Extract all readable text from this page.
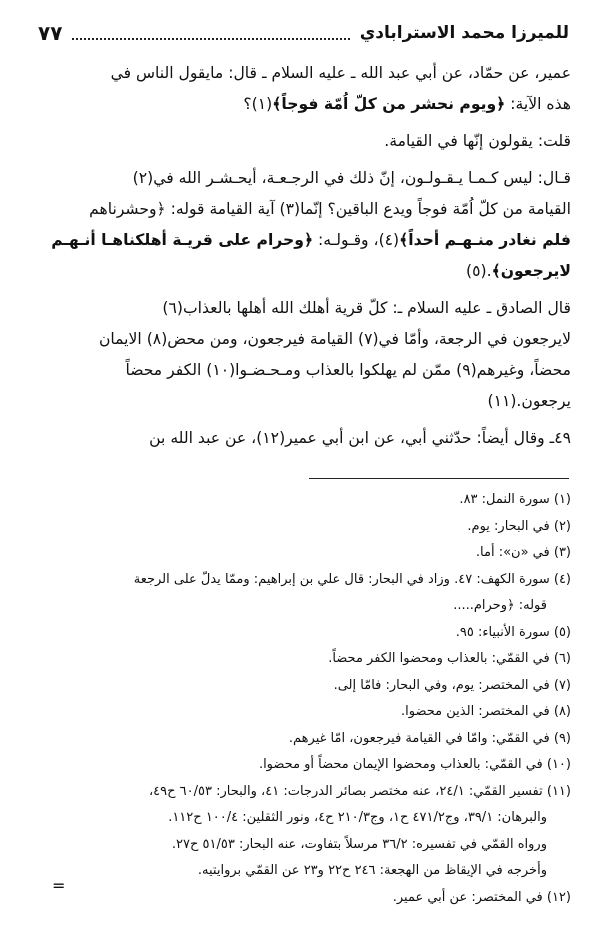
للميرزا محمد الاسترابادي
٧٧

عمير، عن حمّاد، عن أبي عبد الله ـ عليه السلام ـ قال: مايقول الناس في

هذه الآية: ﴿ويوم نحشر من كلّ اُمّة فوجاً﴾(١)؟

قلت: يقولون إنّها في القيامة.

قـال: ليس كـمـا يـقـولـون، إنّ ذلك في الرجـعـة، أيحـشـر الله في(٢)

القيامة من كلّ اُمّة فوجاً ويدع الباقين؟ إنّما(٣) آية القيامة قوله: ﴿وحشرناهم

فلم نغادر منـهـم أحداً﴾(٤)، وقـولـه: ﴿وحرام على قريـة أهلكناهـا أنـهـم

لايرجعون﴾.(٥)

قال الصادق ـ عليه السلام ـ: كلّ قرية أهلك الله أهلها بالعذاب(٦)

لايرجعون في الرجعة، وأمّا في(٧) القيامة فيرجعون، ومن محض(٨) الايمان

محضاً، وغيرهم(٩) ممّن لم يهلكوا بالعذاب ومـحـضـوا(١٠) الكفر محضاً

يرجعون.(١١)

٤٩ـ وقال أيضاً: حدّثني أبي، عن ابن أبي عمير(١٢)، عن عبد الله بن

(١) سورة النمل: ٨٣.

(٢) في البحار: يوم.

(٣) في «ن»: أما.

(٤) سورة الكهف: ٤٧. وزاد في البحار: قال علي بن إبراهيم: وممّا يدلّ على الرجعة

قوله: ﴿وحرام.....

(٥) سورة الأنبياء: ٩٥.

(٦) في القمّي: بالعذاب ومحضوا الكفر محضاً.

(٧) في المختصر: يوم، وفي البحار: فامّا إلى.

(٨) في المختصر: الذين محضوا.

(٩) في القمّي: وامّا في القيامة فيرجعون، امّا غيرهم.

(١٠) في القمّي: بالعذاب ومحضوا الإيمان محضاً أو محضوا.

(١١) تفسير القمّي: ٢٤/١، عنه مختصر بصائر الدرجات: ٤١، والبحار: ٦٠/٥٣ ح٤٩،

والبرهان: ٣٩/١، وج٤٧١/٢ ح١، وج٢١٠/٣ ح٤، ونور الثقلين: ١٠٠/٤ ح١١٢.

ورواه القمّي في تفسيره: ٣٦/٢ مرسلاً بتفاوت، عنه البحار: ٥١/٥٣ ح٢٧.

وأخرجه في الإيقاظ من الهجعة: ٢٤٦ ح٢٢ و٢٣ عن القمّي بروايتيه.

(١٢) في المختصر: عن أبي عمير.

=
